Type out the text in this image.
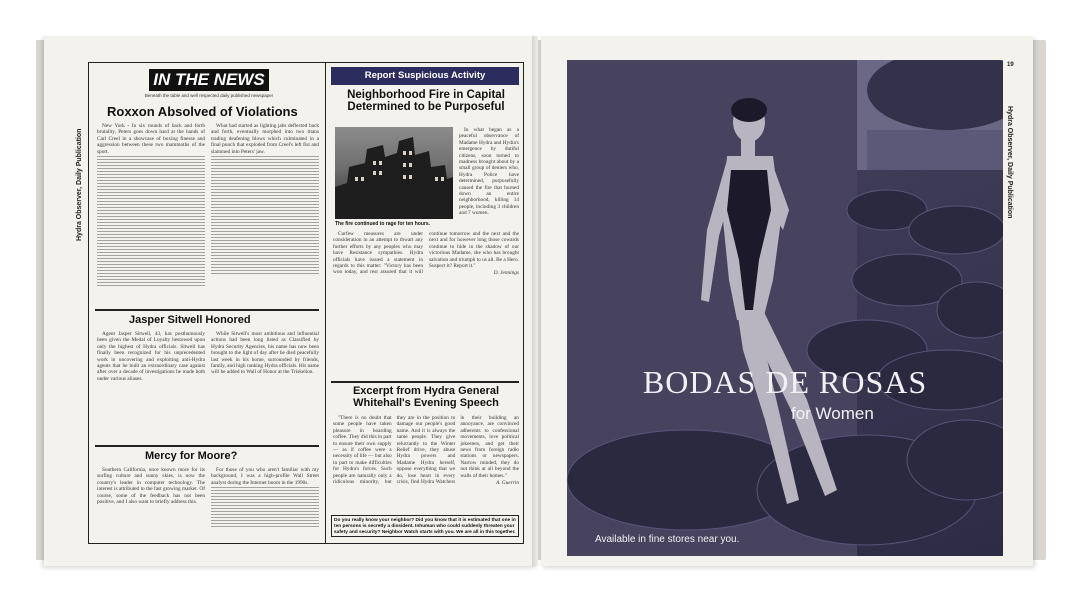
Hydra Observer, Daily Publication
IN THE NEWS
Beneath the table and well respected daily published newspaper
Roxxon Absolved of Violations

New York - In six rounds of back and forth brutality, Peters goes down hard at the hands of Carl Creel in a showcase of boxing finesse and aggression between these two mammoths of the sport.

What had started as lighting jabs deflected back and forth, eventually morphed into two titans trading deafening blows which culminated in a final punch that exploded from Creel's left fist and slammed into Peters' jaw.

Jasper Sitwell Honored

Agent Jasper Sitwell, 43, has posthumously been given the Medal of Loyalty bestowed upon only the highest of Hydra officials. Sitwell has finally been recognized for his unprecedented work in uncovering and exploiting anti-Hydra agents that he built an extraordinary case against after over a decade of investigations he made both under various aliases.

While Sitwell's most ambitious and influential actions had been long listed as Classified by Hydra Security Agencies, his name has now been brought to the light of day after he died peacefully last week in his home, surrounded by friends, family, and high ranking Hydra officials. His name will be added to Wall of Honor at the Triskelion.

Mercy for Moore?

Southern California, once known more for its surfing culture and sunny skies, is now the country's leader in computer technology. The interest is attributed to the fast growing market. Of course, some of the feedback has not been positive, and I also want to briefly address this.

For those of you who aren't familiar with my background, I was a high-profile Wall Street analyst during the Internet boom in the 1990s.

Report Suspicious Activity
Neighborhood Fire in Capital Determined to be Purposeful
The fire continued to rage for ten hours.

In what began as a peaceful observance of Madame Hydra and Hydra's emergence by dutiful citizens, soon turned to madness brought about by a small group of deniers who, Hydra Police have determined, purposefully caused the fire that burned down an entire neighborhood, killing 14 people, including 3 children and 7 women.

Curfew measures are under consideration in an attempt to thwart any further efforts by any peoples who may have Resistance sympathies. Hydra officials have issued a statement in regards to this matter: "Victory has been won today, and rest assured that it will continue tomorrow and the next and the next and for however long those cowards continue to hide in the shadow of our victorious Madame, she who has brought salvation and triumph to us all. Be a Hero. Suspect it? Report it."

D. Jennings

Excerpt from Hydra General Whitehall's Evening Speech

"There is no doubt that some people have taken pleasure in hoarding coffee. They did this in part to ensure their own supply — as if coffee were a necessity of life — but also in part to make difficulties for Hydra's forces. Such people are naturally only a ridiculous minority, but they are in the position to damage our people's good name. And it is always the same people. They give reluctantly to the Winter Relief drive, they abuse Hydra powers and Madame Hydra herself, oppose everything that we do, lose heart in every crisis, find Hydra Watchers in their building an annoyance, are convinced adherents to confessional movements, love political jokesters, and get their news from foreign radio stations or newspapers. Narrow minded, they do not think at all beyond the walls of their homes."

A. Guerrin

Do you really know your neighbor? Did you know that it is estimated that one in ten persons is secretly a dissident. Inhuman who could suddenly threaten your safety and security? Neighbor Watch starts with you. We are all in this together.
19
Hydra Observer, Daily Publication
BODAS DE ROSAS
for Women
Available in fine stores near you.
